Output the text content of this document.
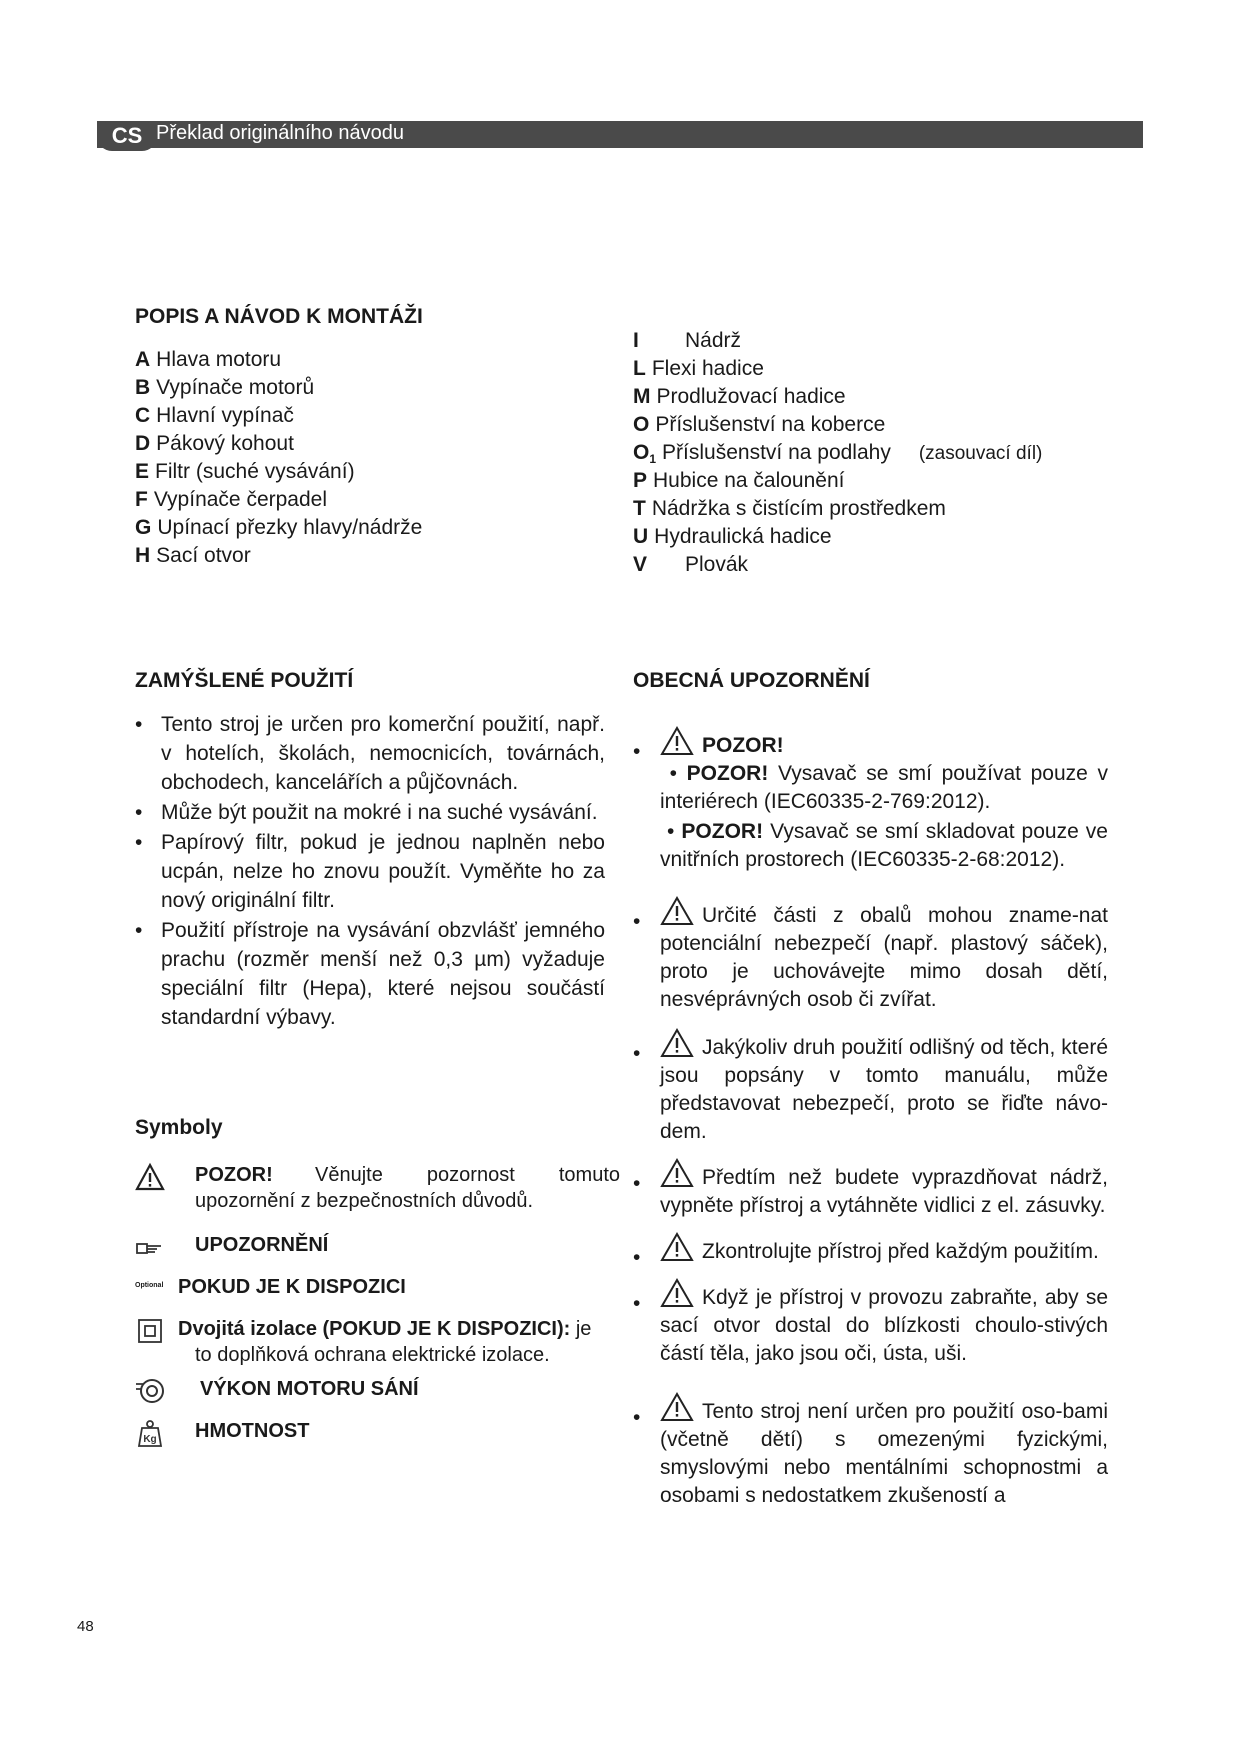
CS Překlad originálního návodu
POPIS A NÁVOD K MONTÁŽI
A Hlava motoru
B Vypínače motorů
C Hlavní vypínač
D Pákový kohout
E Filtr (suché vysávání)
F Vypínače čerpadel
G Upínací přezky hlavy/nádrže
H Sací otvor
I Nádrž
L Flexi hadice
M Prodlužovací hadice
O Příslušenství na koberce
O1 Příslušenství na podlahy (zasouvací díl)
P Hubice na čalounění
T Nádržka s čistícím prostředkem
U Hydraulická hadice
V Plovák
ZAMÝŠLENÉ POUŽITÍ
• Tento stroj je určen pro komerční použití, např. v hotelích, školách, nemocnicích, továrnách, obchodech, kancelářích a půjčovnách.
• Může být použit na mokré i na suché vysávání.
• Papírový filtr, pokud je jednou naplněn nebo ucpán, nelze ho znovu použít. Vyměňte ho za nový originální filtr.
• Použití přístroje na vysávání obzvlášť jemného prachu (rozměr menší než 0,3 µm) vyžaduje speciální filtr (Hepa), které nejsou součástí standardní výbavy.
Symboly
POZOR! Věnujte pozornost tomuto
upozornění z bezpečnostních důvodů.
UPOZORNĚNÍ
Optional POKUD JE K DISPOZICI
Dvojitá izolace (POKUD JE K DISPOZICI): je
to doplňková ochrana elektrické izolace.
VÝKON MOTORU SÁNÍ
Kg HMOTNOST
OBECNÁ UPOZORNĚNÍ
• POZOR!
• POZOR! Vysavač se smí používat pouze v interiérech (IEC60335-2-769:2012).
• POZOR! Vysavač se smí skladovat pouze ve vnitřních prostorech (IEC60335-2-68:2012).
• Určité části z obalů mohou zname-nat potenciální nebezpečí (např. plastový sáček), proto je uchovávejte mimo dosah dětí, nesvéprávných osob či zvířat.
• Jakýkoliv druh použití odlišný od těch, které jsou popsány v tomto manuálu, může představovat nebezpečí, proto se řiďte návo-dem.
• Předtím než budete vyprazdňovat nádrž, vypněte přístroj a vytáhněte vidlici z el. zásuvky.
• Zkontrolujte přístroj před každým použitím.
• Když je přístroj v provozu zabraňte, aby se sací otvor dostal do blízkosti choulo-stivých částí těla, jako jsou oči, ústa, uši.
• Tento stroj není určen pro použití oso-bami (včetně dětí) s omezenými fyzickými, smyslovými nebo mentálními schopnostmi a osobami s nedostatkem zkušeností a
48
